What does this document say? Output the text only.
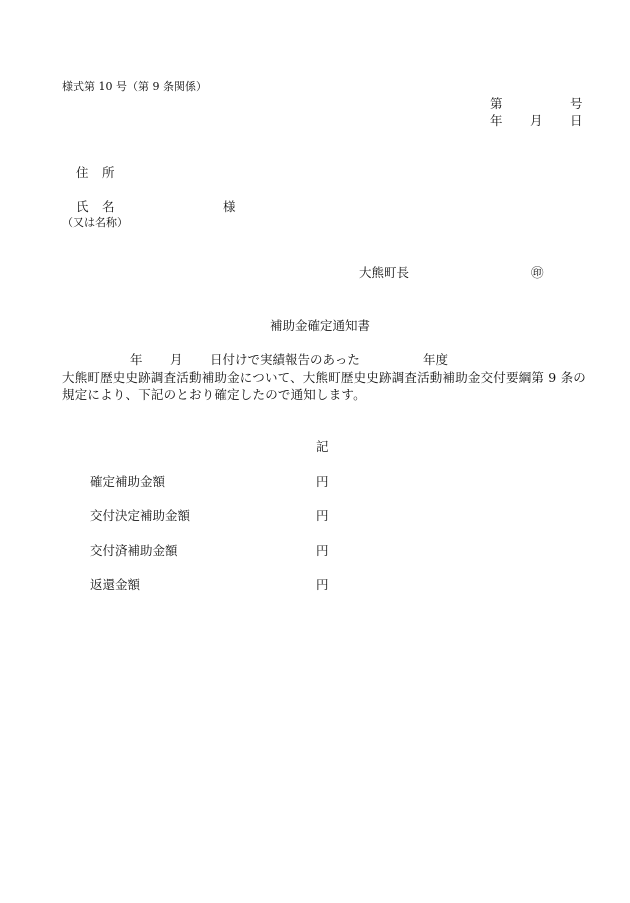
様式第 10 号（第 9 条関係）
第	号
年 月 日
住 所
氏 名	様
（又は名称）
大熊町長	㊞
補助金確定通知書
年 月 日付けで実績報告のあった	年度
大熊町歴史史跡調査活動補助金について、大熊町歴史史跡調査活動補助金交付要綱第 9 条の規定により、下記のとおり確定したので通知します。
記
確定補助金額	円
交付決定補助金額	円
交付済補助金額	円
返還金額	円
